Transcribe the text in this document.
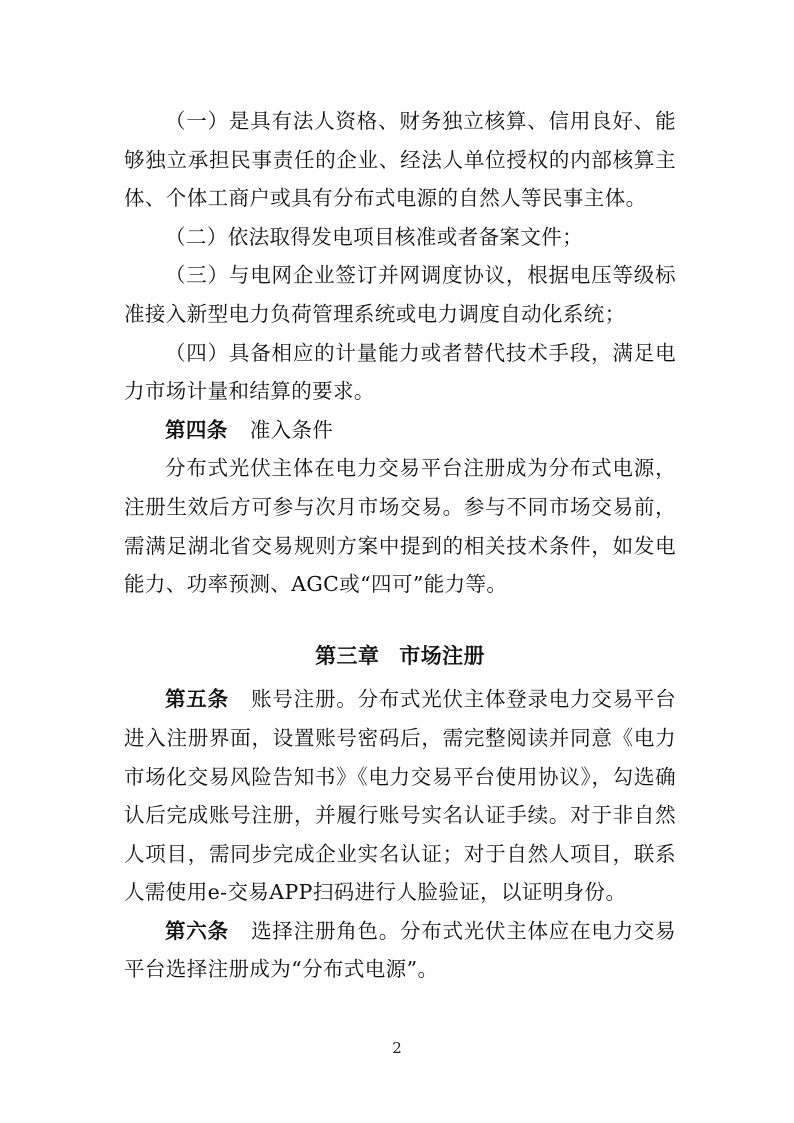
（一）是具有法人资格、财务独立核算、信用良好、能够独立承担民事责任的企业、经法人单位授权的内部核算主体、个体工商户或具有分布式电源的自然人等民事主体。

（二）依法取得发电项目核准或者备案文件；

（三）与电网企业签订并网调度协议，根据电压等级标准接入新型电力负荷管理系统或电力调度自动化系统；

（四）具备相应的计量能力或者替代技术手段，满足电力市场计量和结算的要求。

第四条 准入条件

分布式光伏主体在电力交易平台注册成为分布式电源，注册生效后方可参与次月市场交易。参与不同市场交易前，需满足湖北省交易规则方案中提到的相关技术条件，如发电能力、功率预测、AGC或“四可”能力等。

第三章 市场注册

第五条 账号注册。分布式光伏主体登录电力交易平台进入注册界面，设置账号密码后，需完整阅读并同意《电力市场化交易风险告知书》《电力交易平台使用协议》，勾选确认后完成账号注册，并履行账号实名认证手续。对于非自然人项目，需同步完成企业实名认证；对于自然人项目，联系人需使用e-交易APP扫码进行人脸验证，以证明身份。

第六条 选择注册角色。分布式光伏主体应在电力交易平台选择注册成为“分布式电源”。

2
